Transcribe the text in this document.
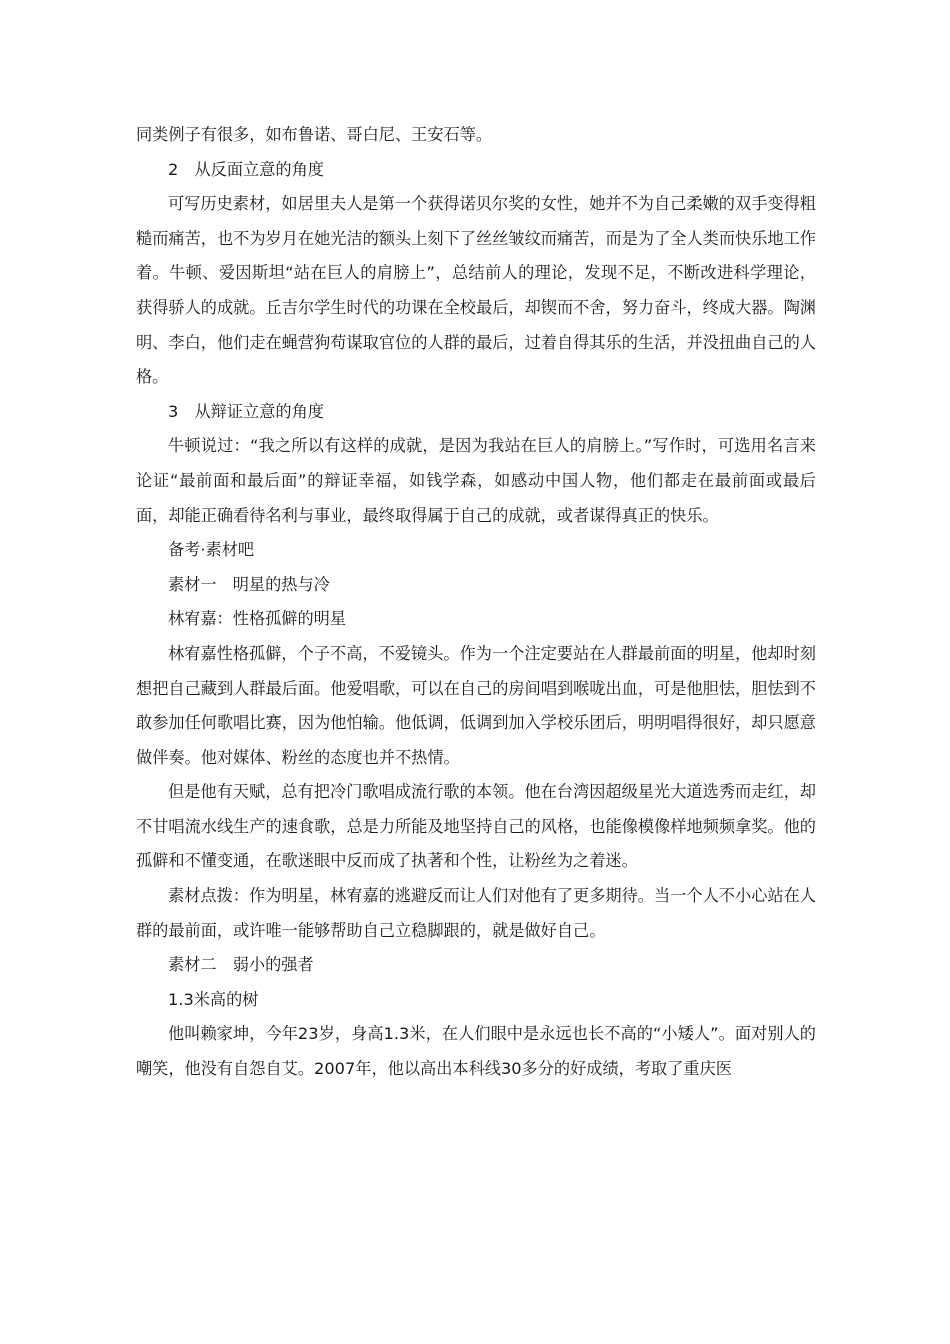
同类例子有很多，如布鲁诺、哥白尼、王安石等。

2　从反面立意的角度

可写历史素材，如居里夫人是第一个获得诺贝尔奖的女性，她并不为自己柔嫩的双手变得粗糙而痛苦，也不为岁月在她光洁的额头上刻下了丝丝皱纹而痛苦，而是为了全人类而快乐地工作着。牛顿、爱因斯坦“站在巨人的肩膀上”，总结前人的理论，发现不足，不断改进科学理论，获得骄人的成就。丘吉尔学生时代的功课在全校最后，却锲而不舍，努力奋斗，终成大器。陶渊明、李白，他们走在蝇营狗苟谋取官位的人群的最后，过着自得其乐的生活，并没扭曲自己的人格。

3　从辩证立意的角度

牛顿说过：“我之所以有这样的成就，是因为我站在巨人的肩膀上。”写作时，可选用名言来论证“最前面和最后面”的辩证幸福，如钱学森，如感动中国人物，他们都走在最前面或最后面，却能正确看待名利与事业，最终取得属于自己的成就，或者谋得真正的快乐。

备考·素材吧

素材一　明星的热与冷

林宥嘉：性格孤僻的明星

林宥嘉性格孤僻，个子不高，不爱镜头。作为一个注定要站在人群最前面的明星，他却时刻想把自己藏到人群最后面。他爱唱歌，可以在自己的房间唱到喉咙出血，可是他胆怯，胆怯到不敢参加任何歌唱比赛，因为他怕输。他低调，低调到加入学校乐团后，明明唱得很好，却只愿意做伴奏。他对媒体、粉丝的态度也并不热情。

但是他有天赋，总有把冷门歌唱成流行歌的本领。他在台湾因超级星光大道选秀而走红，却不甘唱流水线生产的速食歌，总是力所能及地坚持自己的风格，也能像模像样地频频拿奖。他的孤僻和不懂变通，在歌迷眼中反而成了执著和个性，让粉丝为之着迷。

素材点拨：作为明星，林宥嘉的逃避反而让人们对他有了更多期待。当一个人不小心站在人群的最前面，或许唯一能够帮助自己立稳脚跟的，就是做好自己。

素材二　弱小的强者

1.3米高的树

他叫赖家坤，今年23岁，身高1.3米，在人们眼中是永远也长不高的“小矮人”。面对别人的嘲笑，他没有自怨自艾。2007年，他以高出本科线30多分的好成绩，考取了重庆医
